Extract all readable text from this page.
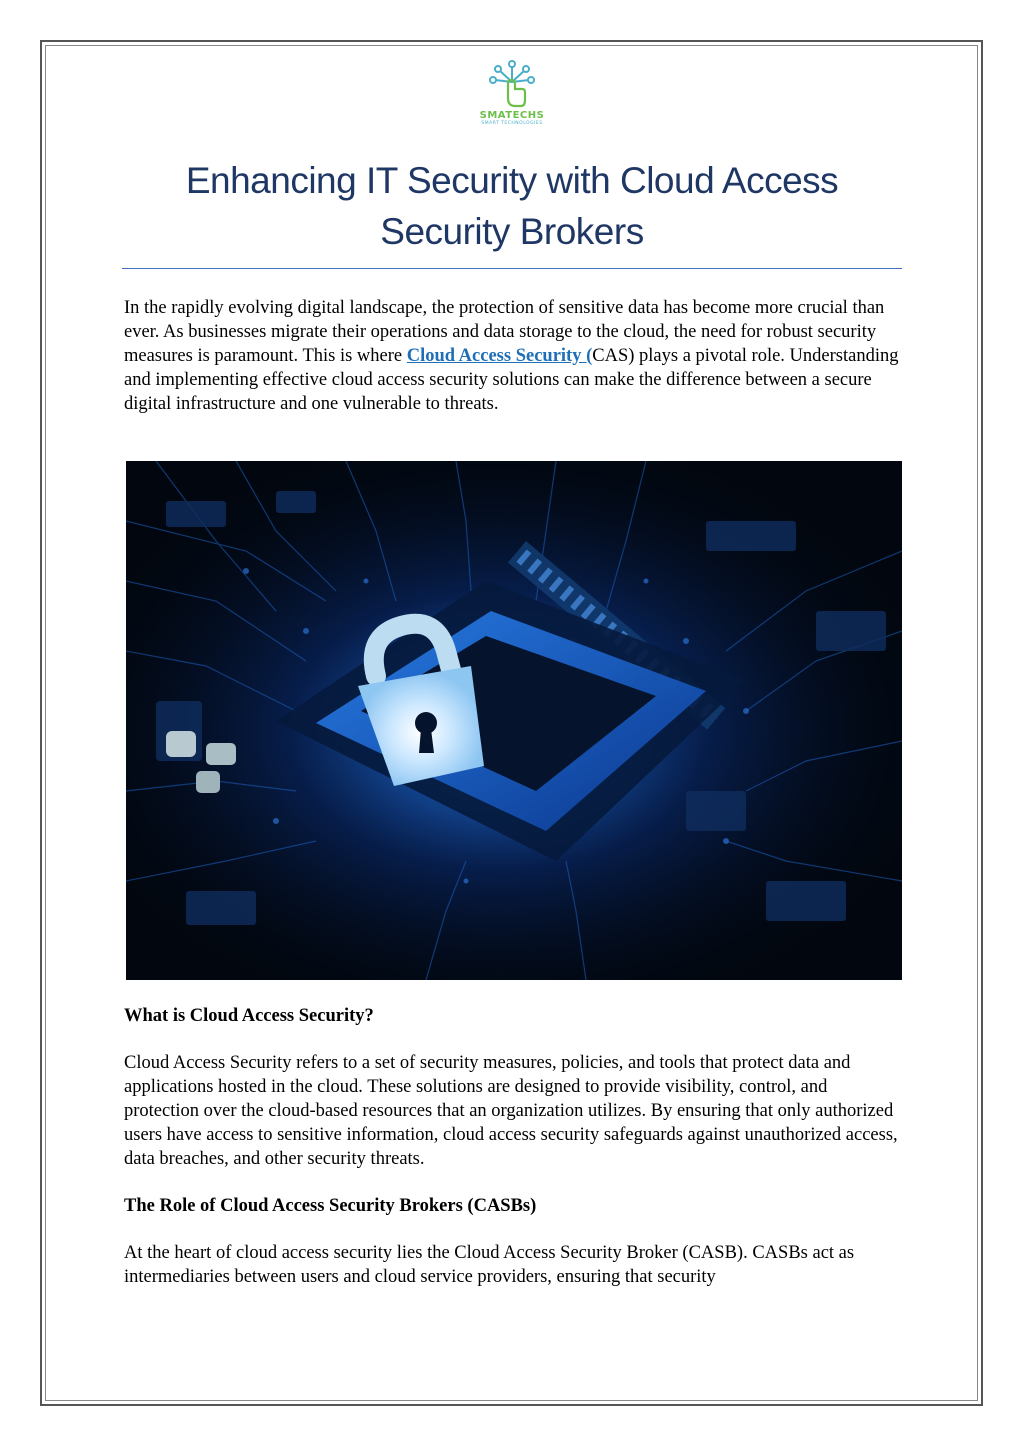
SMATECHS
SMART TECHNOLOGIES
Enhancing IT Security with Cloud Access
Security Brokers

In the rapidly evolving digital landscape, the protection of sensitive data has become more crucial than ever. As businesses migrate their operations and data storage to the cloud, the need for robust security measures is paramount. This is where Cloud Access Security (CAS) plays a pivotal role. Understanding and implementing effective cloud access security solutions can make the difference between a secure digital infrastructure and one vulnerable to threats.

What is Cloud Access Security?

Cloud Access Security refers to a set of security measures, policies, and tools that protect data and applications hosted in the cloud. These solutions are designed to provide visibility, control, and protection over the cloud-based resources that an organization utilizes. By ensuring that only authorized users have access to sensitive information, cloud access security safeguards against unauthorized access, data breaches, and other security threats.

The Role of Cloud Access Security Brokers (CASBs)

At the heart of cloud access security lies the Cloud Access Security Broker (CASB). CASBs act as intermediaries between users and cloud service providers, ensuring that security
